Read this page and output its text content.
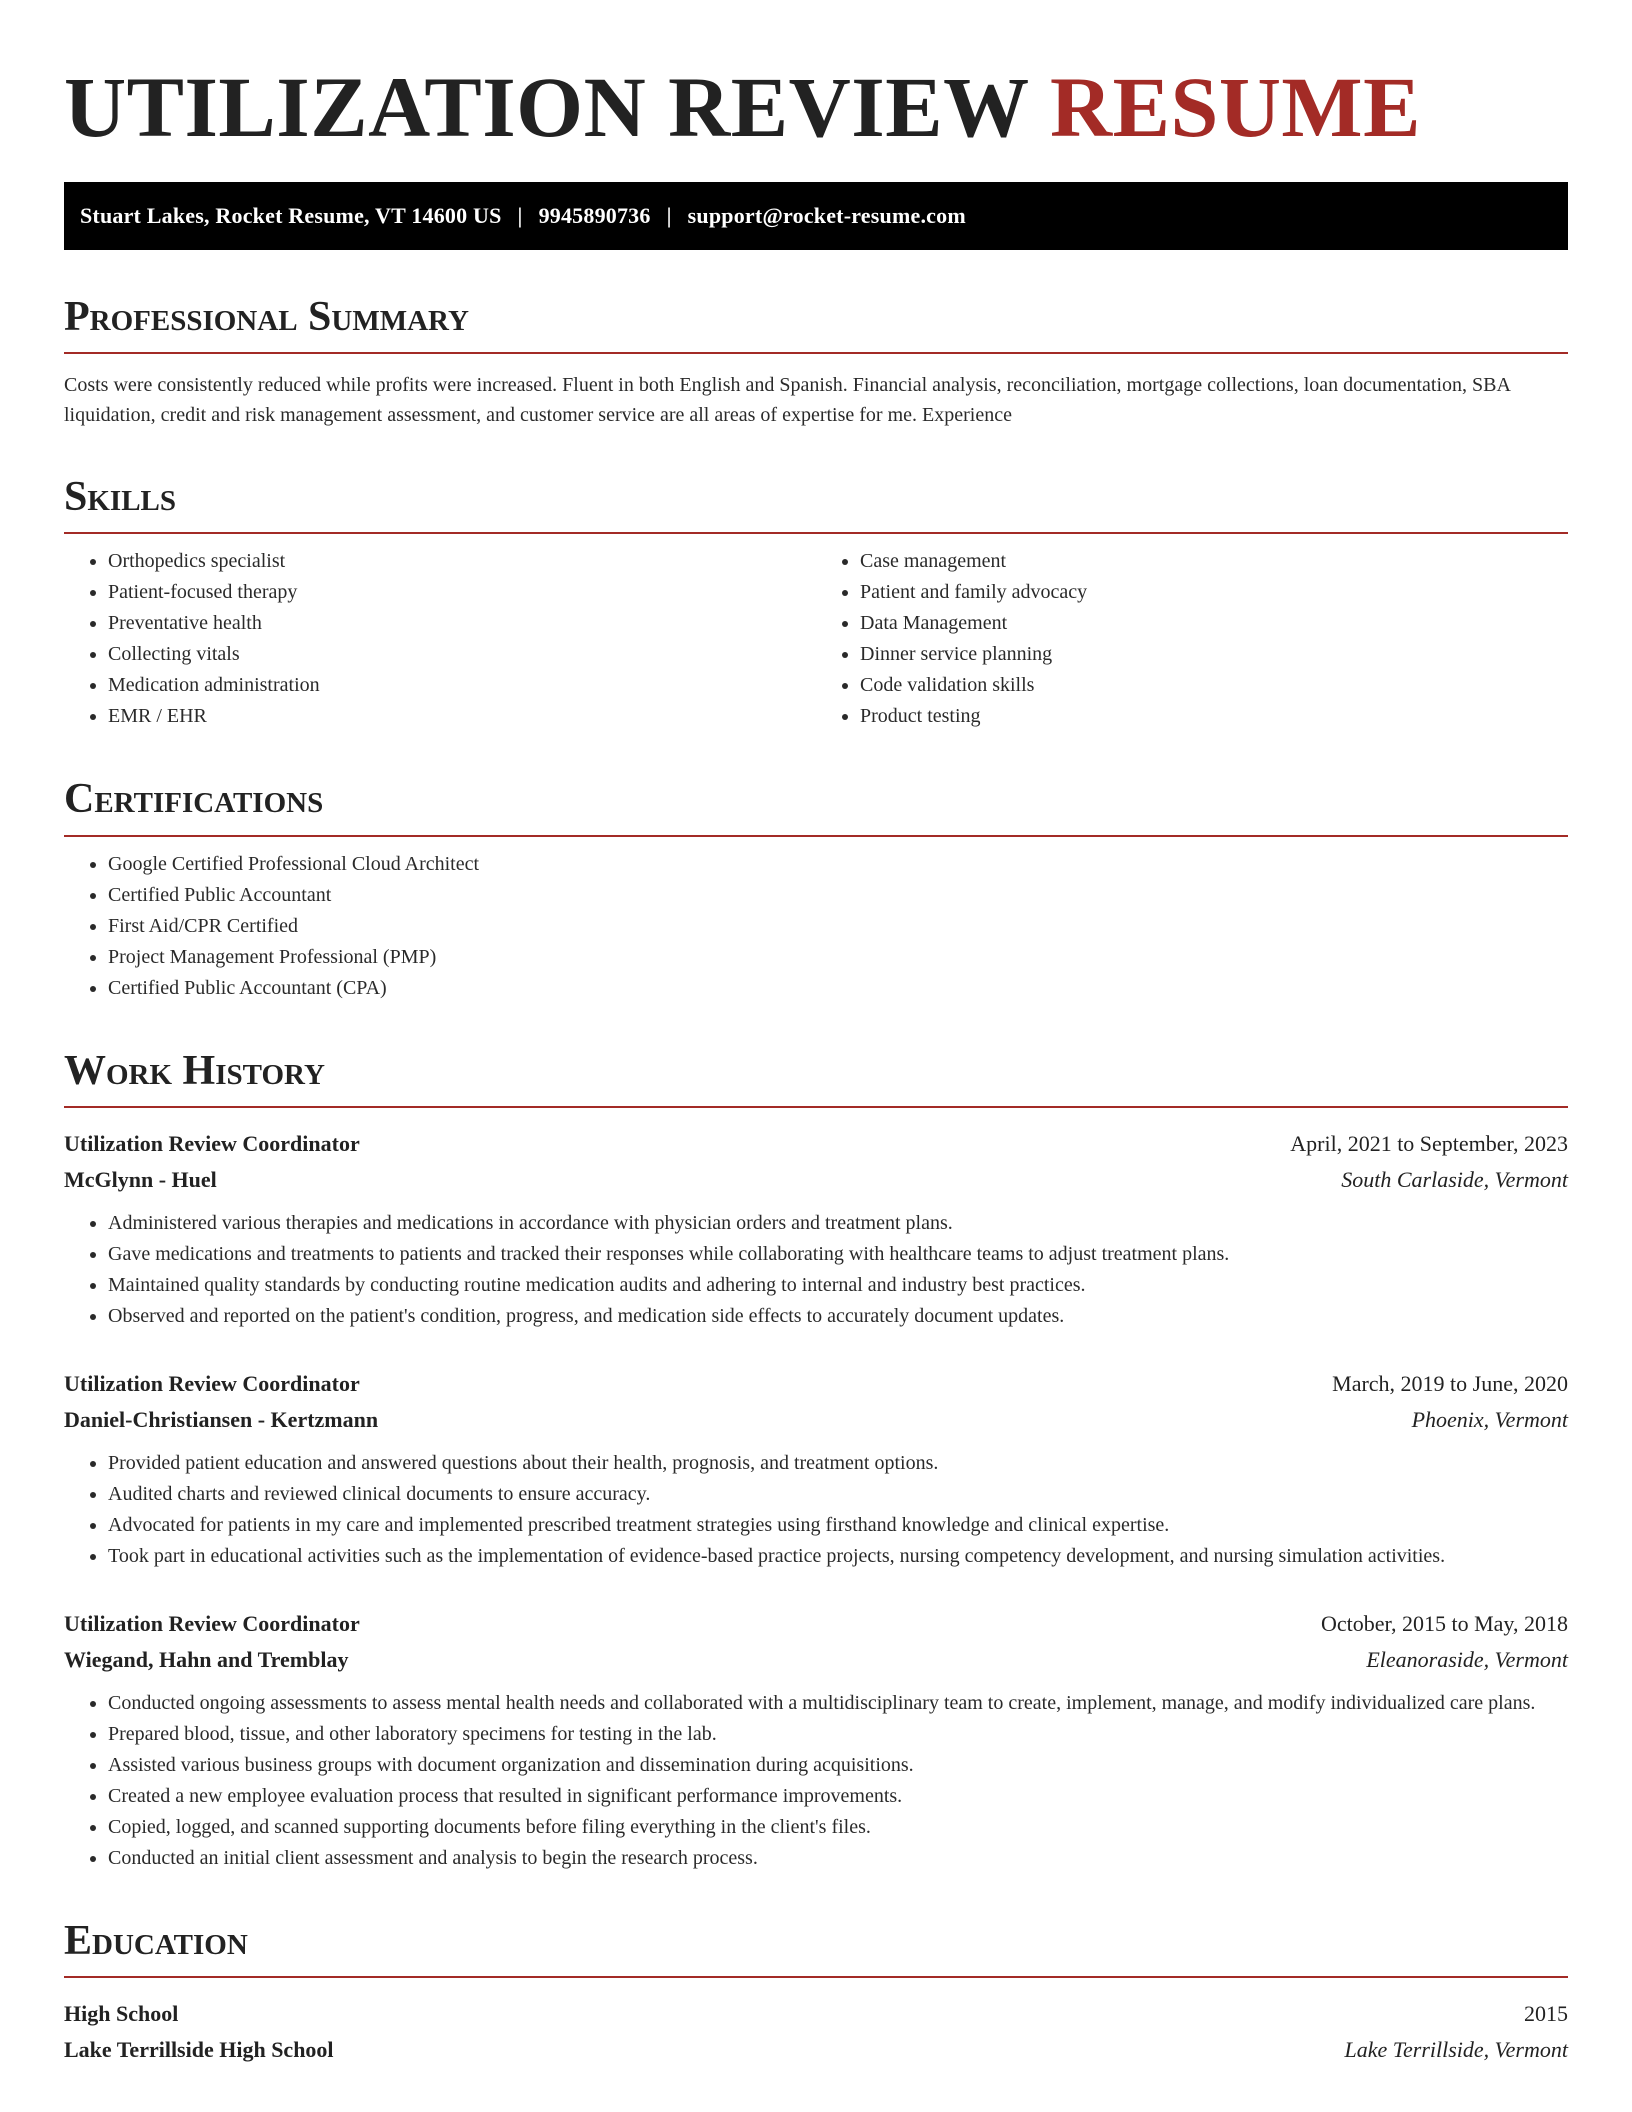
UTILIZATION REVIEW RESUME
Stuart Lakes, Rocket Resume, VT 14600 US | 9945890736 | support@rocket-resume.com
Professional Summary

Costs were consistently reduced while profits were increased. Fluent in both English and Spanish. Financial analysis, reconciliation, mortgage collections, loan documentation, SBA liquidation, credit and risk management assessment, and customer service are all areas of expertise for me. Experience

Skills
• Orthopedics specialist
• Patient-focused therapy
• Preventative health
• Collecting vitals
• Medication administration
• EMR / EHR
• Case management
• Patient and family advocacy
• Data Management
• Dinner service planning
• Code validation skills
• Product testing
Certifications
• Google Certified Professional Cloud Architect
• Certified Public Accountant
• First Aid/CPR Certified
• Project Management Professional (PMP)
• Certified Public Accountant (CPA)
Work History
Utilization Review Coordinator	April, 2021 to September, 2023
McGlynn - Huel	South Carlaside, Vermont
• Administered various therapies and medications in accordance with physician orders and treatment plans.
• Gave medications and treatments to patients and tracked their responses while collaborating with healthcare teams to adjust treatment plans.
• Maintained quality standards by conducting routine medication audits and adhering to internal and industry best practices.
• Observed and reported on the patient's condition, progress, and medication side effects to accurately document updates.
Utilization Review Coordinator	March, 2019 to June, 2020
Daniel-Christiansen - Kertzmann	Phoenix, Vermont
• Provided patient education and answered questions about their health, prognosis, and treatment options.
• Audited charts and reviewed clinical documents to ensure accuracy.
• Advocated for patients in my care and implemented prescribed treatment strategies using firsthand knowledge and clinical expertise.
• Took part in educational activities such as the implementation of evidence-based practice projects, nursing competency development, and nursing simulation activities.
Utilization Review Coordinator	October, 2015 to May, 2018
Wiegand, Hahn and Tremblay	Eleanoraside, Vermont
• Conducted ongoing assessments to assess mental health needs and collaborated with a multidisciplinary team to create, implement, manage, and modify individualized care plans.
• Prepared blood, tissue, and other laboratory specimens for testing in the lab.
• Assisted various business groups with document organization and dissemination during acquisitions.
• Created a new employee evaluation process that resulted in significant performance improvements.
• Copied, logged, and scanned supporting documents before filing everything in the client's files.
• Conducted an initial client assessment and analysis to begin the research process.
Education
High School	2015
Lake Terrillside High School	Lake Terrillside, Vermont
